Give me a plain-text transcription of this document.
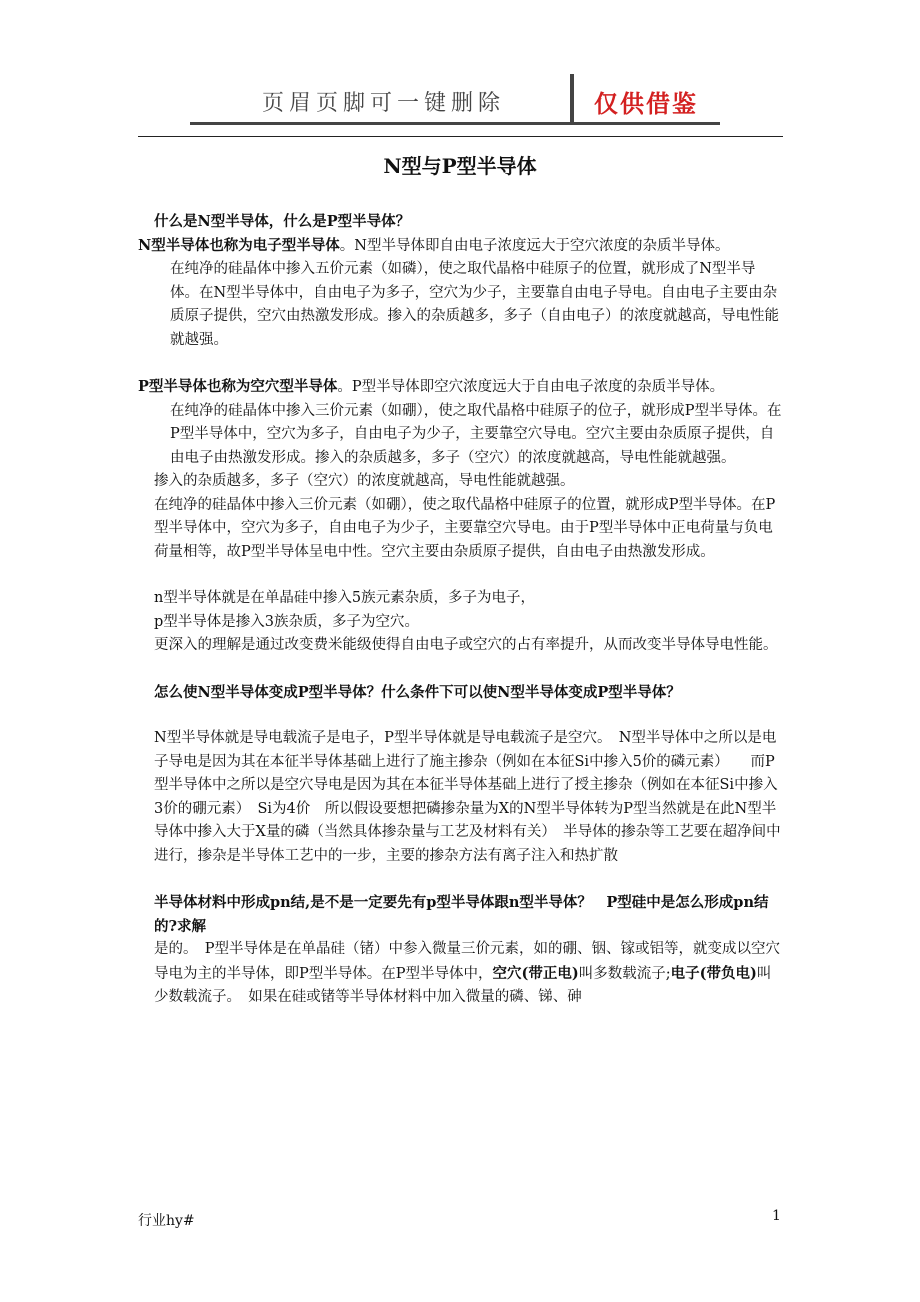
页眉页脚可一键删除	仅供借鉴
N型与P型半导体

什么是N型半导体，什么是P型半导体？

N型半导体也称为电子型半导体。N型半导体即自由电子浓度远大于空穴浓度的杂质半导体。

在纯净的硅晶体中掺入五价元素（如磷），使之取代晶格中硅原子的位置，就形成了N型半导体。在N型半导体中，自由电子为多子，空穴为少子，主要靠自由电子导电。自由电子主要由杂质原子提供，空穴由热激发形成。掺入的杂质越多，多子（自由电子）的浓度就越高，导电性能就越强。

P型半导体也称为空穴型半导体。P型半导体即空穴浓度远大于自由电子浓度的杂质半导体。

在纯净的硅晶体中掺入三价元素（如硼），使之取代晶格中硅原子的位子，就形成P型半导体。在P型半导体中，空穴为多子，自由电子为少子，主要靠空穴导电。空穴主要由杂质原子提供，自由电子由热激发形成。掺入的杂质越多，多子（空穴）的浓度就越高，导电性能就越强。

掺入的杂质越多，多子（空穴）的浓度就越高，导电性能就越强。

在纯净的硅晶体中掺入三价元素（如硼），使之取代晶格中硅原子的位置，就形成P型半导体。在P型半导体中，空穴为多子，自由电子为少子，主要靠空穴导电。由于P型半导体中正电荷量与负电荷量相等，故P型半导体呈电中性。空穴主要由杂质原子提供，自由电子由热激发形成。

n型半导体就是在单晶硅中掺入5族元素杂质，多子为电子，

p型半导体是掺入3族杂质，多子为空穴。

更深入的理解是通过改变费米能级使得自由电子或空穴的占有率提升，从而改变半导体导电性能。

怎么使N型半导体变成P型半导体？什么条件下可以使N型半导体变成P型半导体？

N型半导体就是导电载流子是电子，P型半导体就是导电载流子是空穴。　N型半导体中之所以是电子导电是因为其在本征半导体基础上进行了施主掺杂（例如在本征Si中掺入5价的磷元素）　　而P型半导体中之所以是空穴导电是因为其在本征半导体基础上进行了授主掺杂（例如在本征Si中掺入3价的硼元素）　Si为4价　所以假设要想把磷掺杂量为X的N型半导体转为P型当然就是在此N型半导体中掺入大于X量的磷（当然具体掺杂量与工艺及材料有关）　半导体的掺杂等工艺要在超净间中进行，掺杂是半导体工艺中的一步，主要的掺杂方法有离子注入和热扩散

半导体材料中形成pn结,是不是一定要先有p型半导体跟n型半导体？　P型硅中是怎么形成pn结的?求解

是的。　P型半导体是在单晶硅（锗）中参入微量三价元素，如的硼、铟、镓或铝等，就变成以空穴导电为主的半导体，即P型半导体。在P型半导体中，空穴(带正电)叫多数载流子;电子(带负电)叫少数载流子。　如果在硅或锗等半导体材料中加入微量的磷、锑、砷

行业hy#	1
